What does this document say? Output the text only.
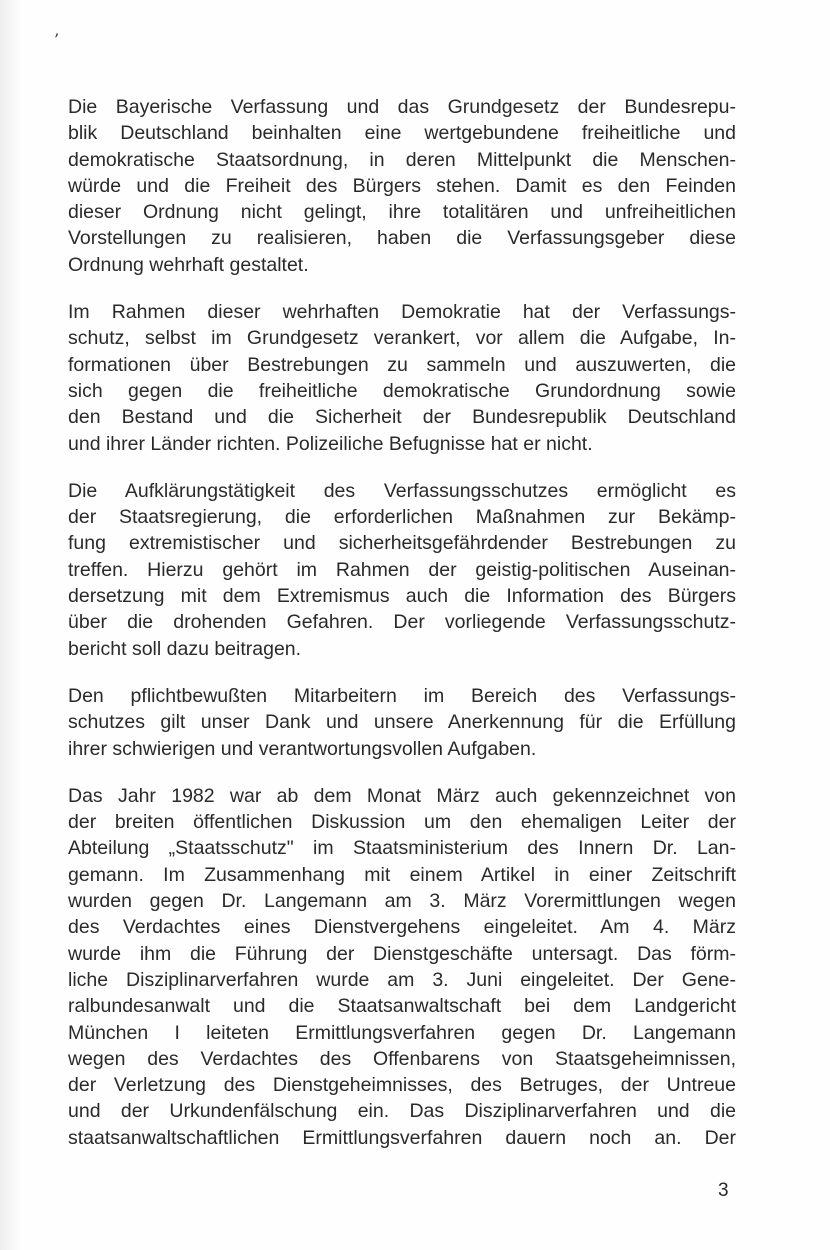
’
Die Bayerische Verfassung und das Grundgesetz der Bundesrepu-
blik Deutschland beinhalten eine wertgebundene freiheitliche und
demokratische Staatsordnung, in deren Mittelpunkt die Menschen-
würde und die Freiheit des Bürgers stehen. Damit es den Feinden
dieser Ordnung nicht gelingt, ihre totalitären und unfreiheitlichen
Vorstellungen zu realisieren, haben die Verfassungsgeber diese
Ordnung wehrhaft gestaltet.
Im Rahmen dieser wehrhaften Demokratie hat der Verfassungs-
schutz, selbst im Grundgesetz verankert, vor allem die Aufgabe, In-
formationen über Bestrebungen zu sammeln und auszuwerten, die
sich gegen die freiheitliche demokratische Grundordnung sowie
den Bestand und die Sicherheit der Bundesrepublik Deutschland
und ihrer Länder richten. Polizeiliche Befugnisse hat er nicht.
Die Aufklärungstätigkeit des Verfassungsschutzes ermöglicht es
der Staatsregierung, die erforderlichen Maßnahmen zur Bekämp-
fung extremistischer und sicherheitsgefährdender Bestrebungen zu
treffen. Hierzu gehört im Rahmen der geistig-politischen Auseinan-
dersetzung mit dem Extremismus auch die Information des Bürgers
über die drohenden Gefahren. Der vorliegende Verfassungsschutz-
bericht soll dazu beitragen.
Den pflichtbewußten Mitarbeitern im Bereich des Verfassungs-
schutzes gilt unser Dank und unsere Anerkennung für die Erfüllung
ihrer schwierigen und verantwortungsvollen Aufgaben.
Das Jahr 1982 war ab dem Monat März auch gekennzeichnet von
der breiten öffentlichen Diskussion um den ehemaligen Leiter der
Abteilung „Staatsschutz" im Staatsministerium des Innern Dr. Lan-
gemann. Im Zusammenhang mit einem Artikel in einer Zeitschrift
wurden gegen Dr. Langemann am 3. März Vorermittlungen wegen
des Verdachtes eines Dienstvergehens eingeleitet. Am 4. März
wurde ihm die Führung der Dienstgeschäfte untersagt. Das förm-
liche Disziplinarverfahren wurde am 3. Juni eingeleitet. Der Gene-
ralbundesanwalt und die Staatsanwaltschaft bei dem Landgericht
München I leiteten Ermittlungsverfahren gegen Dr. Langemann
wegen des Verdachtes des Offenbarens von Staatsgeheimnissen,
der Verletzung des Dienstgeheimnisses, des Betruges, der Untreue
und der Urkundenfälschung ein. Das Disziplinarverfahren und die
staatsanwaltschaftlichen Ermittlungsverfahren dauern noch an. Der
3
